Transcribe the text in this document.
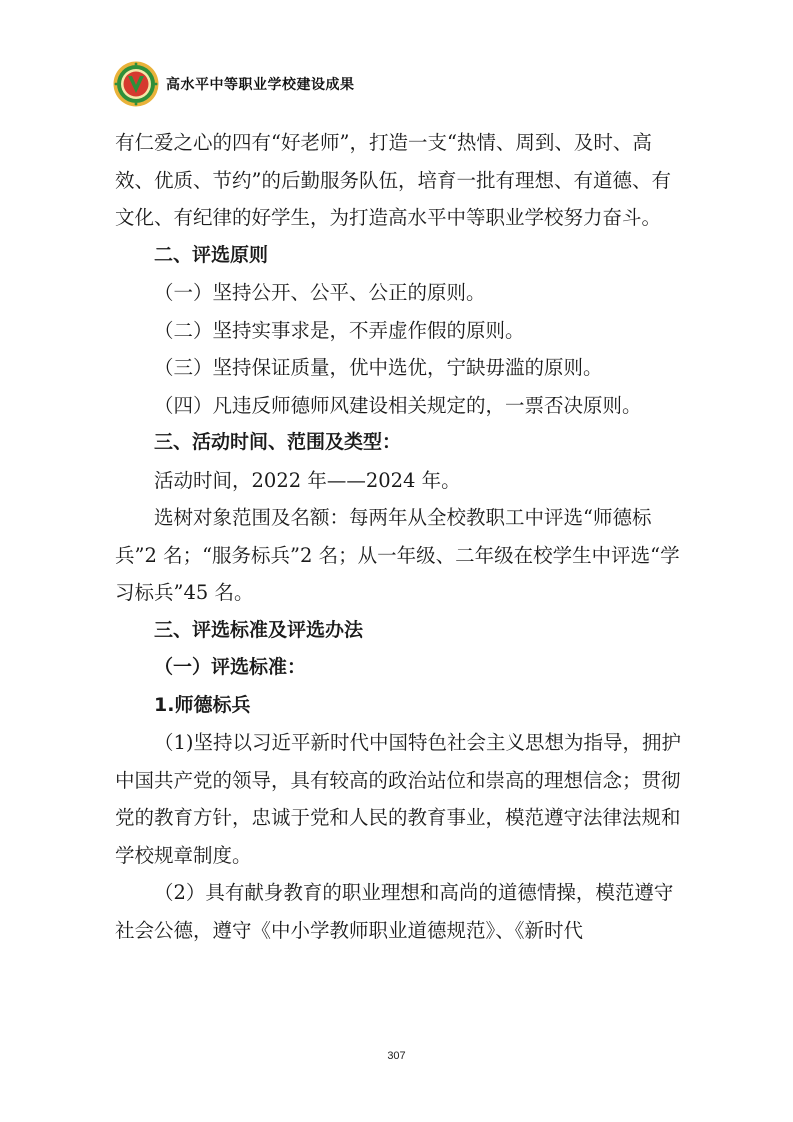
高水平中等职业学校建设成果

有仁爱之心的四有“好老师”，打造一支“热情、周到、及时、高效、优质、节约”的后勤服务队伍，培育一批有理想、有道德、有文化、有纪律的好学生，为打造高水平中等职业学校努力奋斗。

二、评选原则
（一）坚持公开、公平、公正的原则。
（二）坚持实事求是，不弄虚作假的原则。
（三）坚持保证质量，优中选优，宁缺毋滥的原则。
（四）凡违反师德师风建设相关规定的，一票否决原则。
三、活动时间、范围及类型：
活动时间，2022 年——2024 年。

选树对象范围及名额：每两年从全校教职工中评选“师德标兵”2 名；“服务标兵”2 名；从一年级、二年级在校学生中评选“学习标兵”45 名。

三、评选标准及评选办法
（一）评选标准：
1.师德标兵

（1)坚持以习近平新时代中国特色社会主义思想为指导，拥护中国共产党的领导，具有较高的政治站位和崇高的理想信念；贯彻党的教育方针，忠诚于党和人民的教育事业，模范遵守法律法规和学校规章制度。

（2）具有献身教育的职业理想和高尚的道德情操，模范遵守社会公德，遵守《中小学教师职业道德规范》、《新时代

307
